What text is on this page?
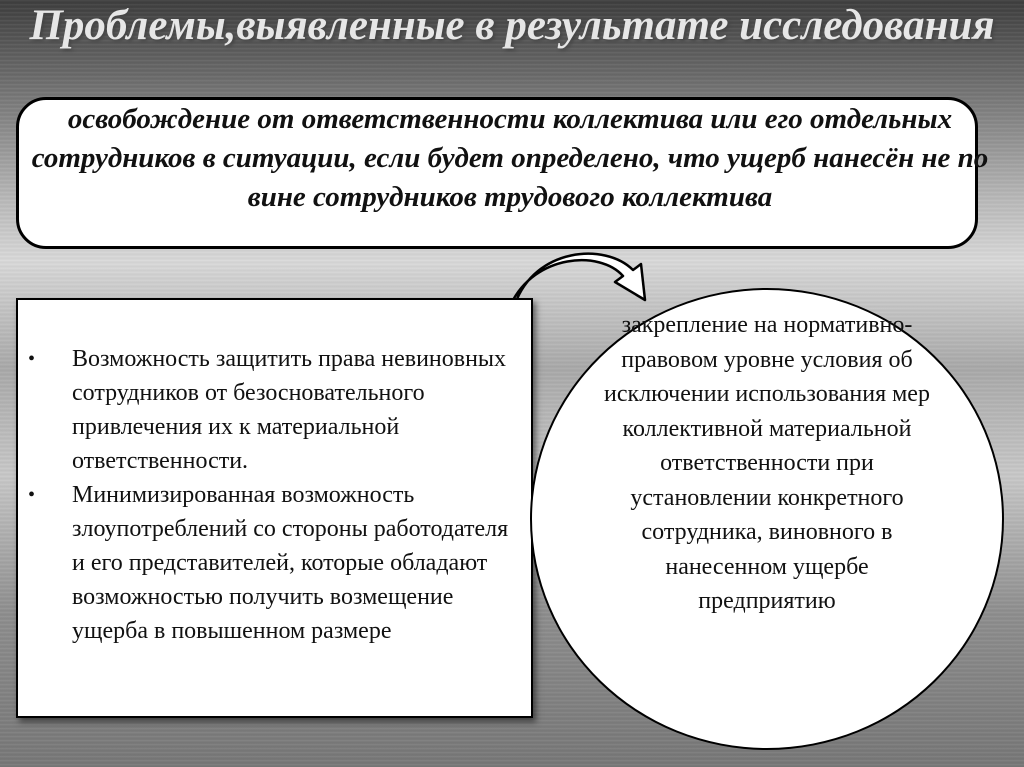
Проблемы,выявленные в результате исследования

освобождение от ответственности коллектива или его отдельных сотрудников в ситуации, если будет определено, что ущерб нанесён не по вине сотрудников трудового коллектива

• Возможность защитить права невиновных сотрудников от безосновательного привлечения их к материальной ответственности.
• Минимизированная возможность злоупотреблений со стороны работодателя и его представителей, которые обладают возможностью получить возмещение ущерба в повышенном размере

закрепление на нормативно-правовом уровне условия об исключении использования мер коллективной материальной ответственности при установлении конкретного сотрудника, виновного в нанесенном ущербе предприятию
